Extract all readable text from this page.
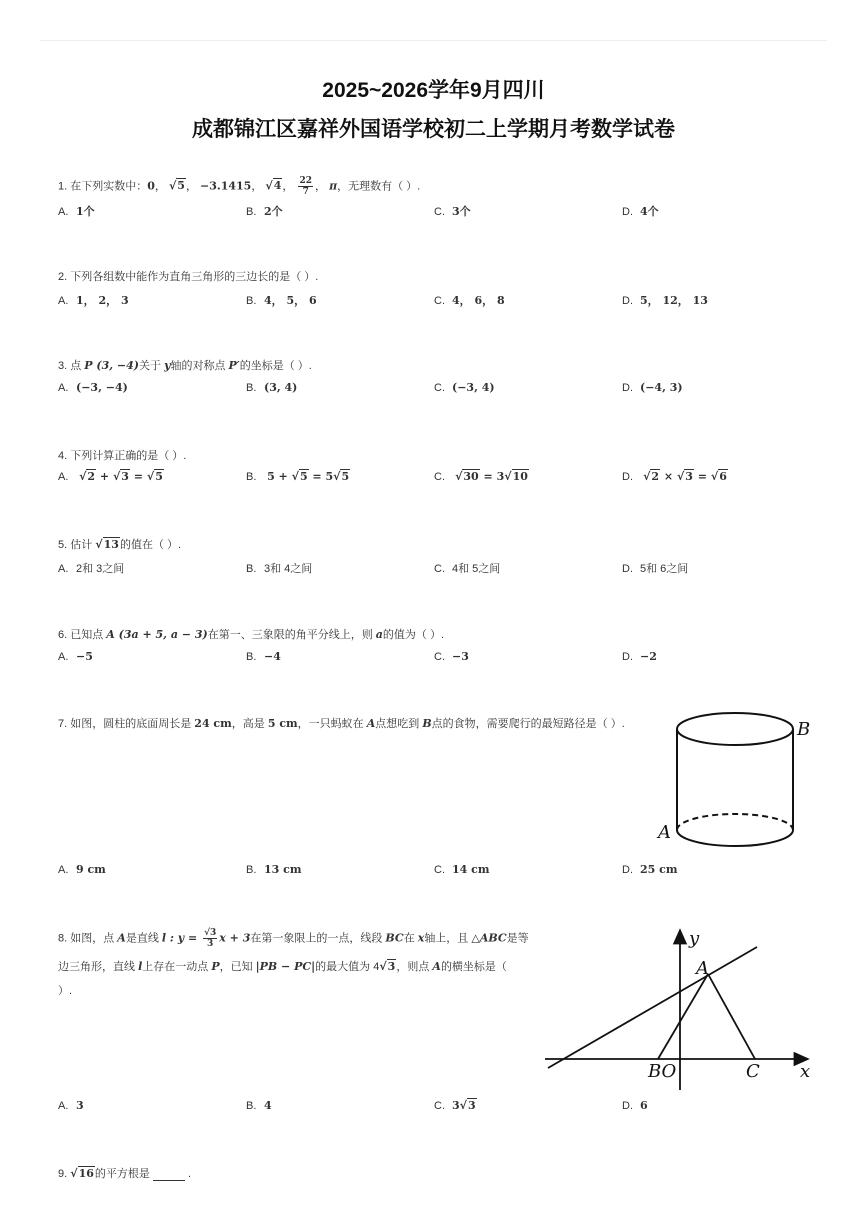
2025~2026学年9月四川
成都锦江区嘉祥外国语学校初二上学期月考数学试卷
1. 在下列实数中：0， √5， −3.1415， √4， $\frac{22}{7}$ ， π，无理数有（ ）.
A. 1个	B. 2个	C. 3个	D. 4个
2. 下列各组数中能作为直角三角形的三边长的是（ ）.
A. 1， 2， 3	B. 4， 5， 6	C. 4， 6， 8	D. 5， 12， 13
3. 点 P (3, −4)关于 y轴的对称点 P′的坐标是（ ）.
A. (−3, −4)	B. (3, 4)	C. (−3, 4)	D. (−4, 3)
4. 下列计算正确的是（ ）.
A. √2 + √3 = √5	B. 5 + √5 = 5√5	C. √30 = 3√10	D. √2 × √3 = √6
5. 估计 √13的值在（ ）.
A. 2和 3之间	B. 3和 4之间	C. 4和 5之间	D. 5和 6之间
6. 已知点 A (3a + 5, a − 3)在第一、三象限的角平分线上，则 a的值为（ ）.
A. −5	B. −4	C. −3	D. −2
7. 如图，圆柱的底面周长是 24 cm，高是 5 cm，一只蚂蚁在 A点想吃到 B点的食物，需要爬行的最短路径是（ ）.	B
A
A. 9 cm	B. 13 cm	C. 14 cm	D. 25 cm
8. 如图，点 A是直线 l : $y = \frac{√3}{3}$ x + 3在第一象限上的一点，线段 BC在 x轴上，且 △ABC是等
边三角形，直线 l上存在一动点 P，已知 |PB − PC|的最大值为 4√3，则点 A的横坐标是（
）.
y
x
A
BO	C
A. 3	B. 4	C. 3√3	D. 6
9. √16的平方根是	.
